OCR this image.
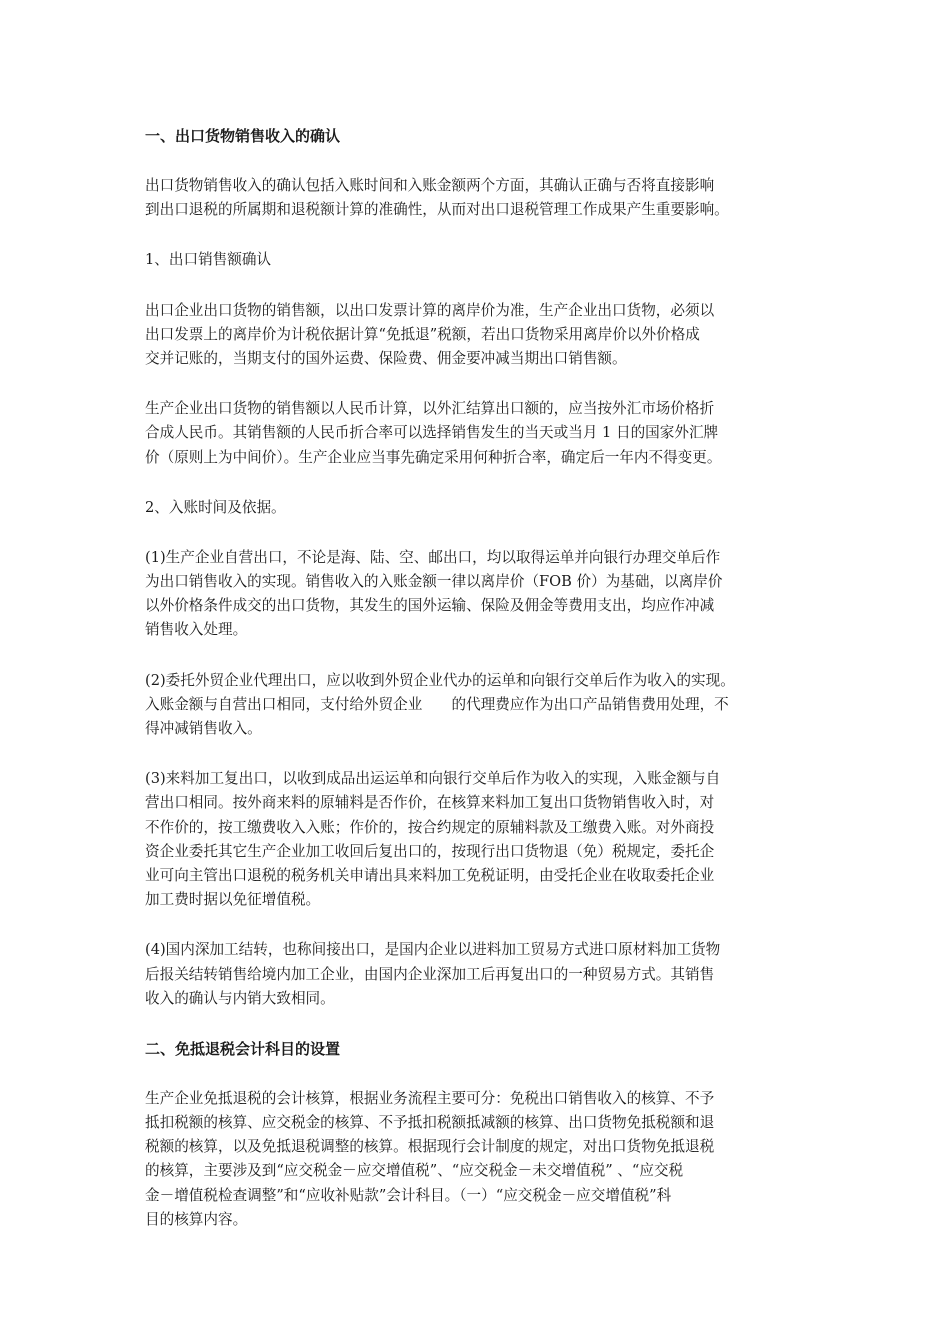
一、出口货物销售收入的确认
出口货物销售收入的确认包括入账时间和入账金额两个方面，其确认正确与否将直接影响
到出口退税的所属期和退税额计算的准确性，从而对出口退税管理工作成果产生重要影响。
1、出口销售额确认
出口企业出口货物的销售额，以出口发票计算的离岸价为准，生产企业出口货物，必须以
出口发票上的离岸价为计税依据计算“免抵退”税额，若出口货物采用离岸价以外价格成
交并记账的，当期支付的国外运费、保险费、佣金要冲减当期出口销售额。
生产企业出口货物的销售额以人民币计算，以外汇结算出口额的，应当按外汇市场价格折
合成人民币。其销售额的人民币折合率可以选择销售发生的当天或当月 1 日的国家外汇牌
价（原则上为中间价）。生产企业应当事先确定采用何种折合率，确定后一年内不得变更。
2、入账时间及依据。
(1)生产企业自营出口，不论是海、陆、空、邮出口，均以取得运单并向银行办理交单后作
为出口销售收入的实现。销售收入的入账金额一律以离岸价（FOB 价）为基础，以离岸价
以外价格条件成交的出口货物，其发生的国外运输、保险及佣金等费用支出，均应作冲减
销售收入处理。
(2)委托外贸企业代理出口，应以收到外贸企业代办的运单和向银行交单后作为收入的实现。
入账金额与自营出口相同，支付给外贸企业　　的代理费应作为出口产品销售费用处理，不
得冲减销售收入。
(3)来料加工复出口，以收到成品出运运单和向银行交单后作为收入的实现，入账金额与自
营出口相同。按外商来料的原辅料是否作价，在核算来料加工复出口货物销售收入时，对
不作价的，按工缴费收入入账；作价的，按合约规定的原辅料款及工缴费入账。对外商投
资企业委托其它生产企业加工收回后复出口的，按现行出口货物退（免）税规定，委托企
业可向主管出口退税的税务机关申请出具来料加工免税证明，由受托企业在收取委托企业
加工费时据以免征增值税。
(4)国内深加工结转，也称间接出口，是国内企业以进料加工贸易方式进口原材料加工货物
后报关结转销售给境内加工企业，由国内企业深加工后再复出口的一种贸易方式。其销售
收入的确认与内销大致相同。
二、免抵退税会计科目的设置
生产企业免抵退税的会计核算，根据业务流程主要可分：免税出口销售收入的核算、不予
抵扣税额的核算、应交税金的核算、不予抵扣税额抵减额的核算、出口货物免抵税额和退
税额的核算，以及免抵退税调整的核算。根据现行会计制度的规定，对出口货物免抵退税
的核算，主要涉及到“应交税金－应交增值税”、“应交税金－未交增值税” 、“应交税
金－增值税检查调整”和“应收补贴款”会计科目。（一）“应交税金－应交增值税”科
目的核算内容。
